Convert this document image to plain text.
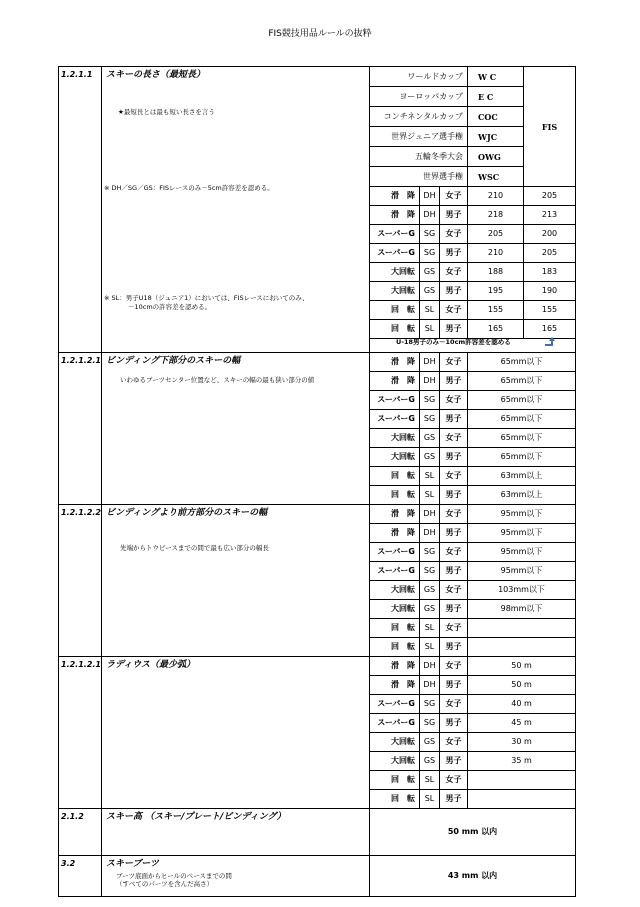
FIS競技用品ルールの抜粋
1.2.1.1	スキーの長さ（最短長）
★最短長とは最も短い長さを言う
※ DH／SG／GS：FISレースのみ－5cm許容差を認める。
※ SL：男子U18（ジュニア1）においては、FISレースにおいてのみ、
－10cmの許容差を認める。	ワールドカップ			W C	FIS
		ヨーロッパカップ			E C	
		コンチネンタルカップ			COC	
		世界ジュニア選手権			WJC	
		五輪冬季大会			OWG	
		世界選手権			WSC	
		滑　降	DH	女子	210	205
		滑　降	DH	男子	218	213
		スーパーG	SG	女子	205	200
		スーパーG	SG	男子	210	205
		大回転	GS	女子	188	183
		大回転	GS	男子	195	190
		回　転	SL	女子	155	155
		回　転	SL	男子	165	165

1.2.1.2.1	ビンディング下部分のスキーの幅
いわゆるブーツセンター位置など、スキーの幅の最も狭い部分の値	滑　降	DH	女子	65mm以下	
		滑　降	DH	男子	65mm以下	
		スーパーG	SG	女子	65mm以下	
		スーパーG	SG	男子	65mm以下	
		大回転	GS	女子	65mm以下	
		大回転	GS	男子	65mm以下	
		回　転	SL	女子	63mm以上	
		回　転	SL	男子	63mm以上	
1.2.1.2.2	ビンディングより前方部分のスキーの幅
先端からトウピースまでの間で最も広い部分の幅長	滑　降	DH	女子	95mm以下	
		滑　降	DH	男子	95mm以下	
		スーパーG	SG	女子	95mm以下	
		スーパーG	SG	男子	95mm以下	
		大回転	GS	女子	103mm以下	
		大回転	GS	男子	98mm以下	
		回　転	SL	女子		
		回　転	SL	男子		
1.2.1.2.1	ラディウス（最少弧）	滑　降	DH	女子	50 m	
		滑　降	DH	男子	50 m	
		スーパーG	SG	女子	40 m	
		スーパーG	SG	男子	45 m	
		大回転	GS	女子	30 m	
		大回転	GS	男子	35 m	
		回　転	SL	女子		
		回　転	SL	男子		
2.1.2	スキー高 （スキー/プレート/ビンディング）	50 mm 以内				
3.2	スキーブーツ
ブーツ底面からヒールのベースまでの間
（すべてのパーツを含んだ高さ）	43 mm 以内				
U-18男子のみ－10cm許容差を認める
